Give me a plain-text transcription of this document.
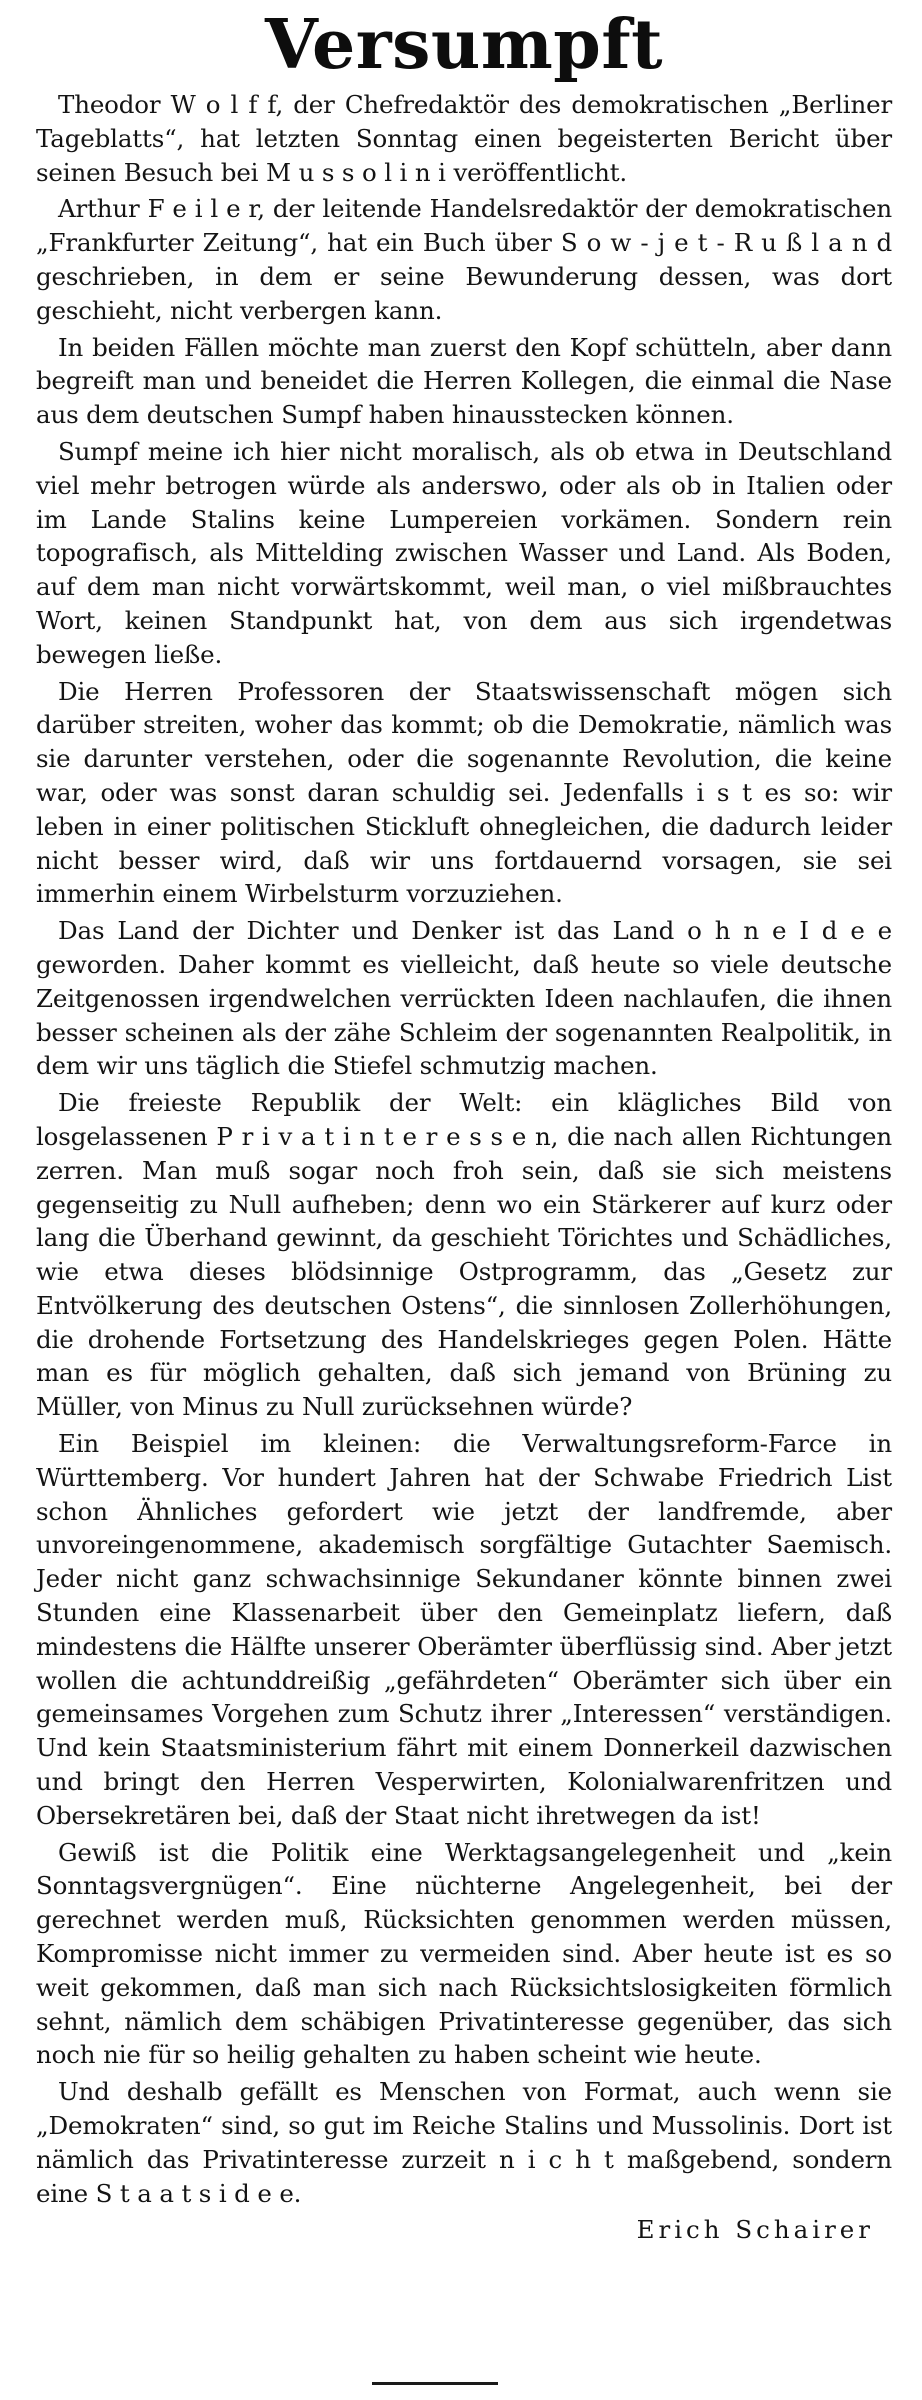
Versumpft

Theodor W o l f f, der Chefredaktör des demokratischen „Berliner Tageblatts“, hat letzten Sonntag einen begeisterten Bericht über seinen Besuch bei M u s s o l i n i veröffentlicht.

Arthur F e i l e r, der leitende Handelsredaktör der demokratischen „Frankfurter Zeitung“, hat ein Buch über S o w - j e t - R u ß l a n d geschrieben, in dem er seine Bewunderung dessen, was dort geschieht, nicht verbergen kann.

In beiden Fällen möchte man zuerst den Kopf schütteln, aber dann begreift man und beneidet die Herren Kollegen, die einmal die Nase aus dem deutschen Sumpf haben hinausstecken können.

Sumpf meine ich hier nicht moralisch, als ob etwa in Deutschland viel mehr betrogen würde als anderswo, oder als ob in Italien oder im Lande Stalins keine Lumpereien vorkämen. Sondern rein topografisch, als Mittelding zwischen Wasser und Land. Als Boden, auf dem man nicht vorwärtskommt, weil man, o viel mißbrauchtes Wort, keinen Standpunkt hat, von dem aus sich irgendetwas bewegen ließe.

Die Herren Professoren der Staatswissenschaft mögen sich darüber streiten, woher das kommt; ob die Demokratie, nämlich was sie darunter verstehen, oder die sogenannte Revolution, die keine war, oder was sonst daran schuldig sei. Jedenfalls i s t es so: wir leben in einer politischen Stickluft ohnegleichen, die dadurch leider nicht besser wird, daß wir uns fortdauernd vorsagen, sie sei immerhin einem Wirbelsturm vorzuziehen.

Das Land der Dichter und Denker ist das Land o h n e I d e e geworden. Daher kommt es vielleicht, daß heute so viele deutsche Zeitgenossen irgendwelchen verrückten Ideen nachlaufen, die ihnen besser scheinen als der zähe Schleim der sogenannten Realpolitik, in dem wir uns täglich die Stiefel schmutzig machen.

Die freieste Republik der Welt: ein klägliches Bild von losgelassenen P r i v a t i n t e r e s s e n, die nach allen Richtungen zerren. Man muß sogar noch froh sein, daß sie sich meistens gegenseitig zu Null aufheben; denn wo ein Stärkerer auf kurz oder lang die Überhand gewinnt, da geschieht Törichtes und Schädliches, wie etwa dieses blödsinnige Ostprogramm, das „Gesetz zur Entvölkerung des deutschen Ostens“, die sinnlosen Zollerhöhungen, die drohende Fortsetzung des Handelskrieges gegen Polen. Hätte man es für möglich gehalten, daß sich jemand von Brüning zu Müller, von Minus zu Null zurücksehnen würde?

Ein Beispiel im kleinen: die Verwaltungsreform-Farce in Württemberg. Vor hundert Jahren hat der Schwabe Friedrich List schon Ähnliches gefordert wie jetzt der landfremde, aber unvoreingenommene, akademisch sorgfältige Gutachter Saemisch. Jeder nicht ganz schwachsinnige Sekundaner könnte binnen zwei Stunden eine Klassenarbeit über den Gemeinplatz liefern, daß mindestens die Hälfte unserer Oberämter überflüssig sind. Aber jetzt wollen die achtunddreißig „gefährdeten“ Oberämter sich über ein gemeinsames Vorgehen zum Schutz ihrer „Interessen“ verständigen. Und kein Staatsministerium fährt mit einem Donnerkeil dazwischen und bringt den Herren Vesperwirten, Kolonialwarenfritzen und Obersekretären bei, daß der Staat nicht ihretwegen da ist!

Gewiß ist die Politik eine Werktagsangelegenheit und „kein Sonntagsvergnügen“. Eine nüchterne Angelegenheit, bei der gerechnet werden muß, Rücksichten genommen werden müssen, Kompromisse nicht immer zu vermeiden sind. Aber heute ist es so weit gekommen, daß man sich nach Rücksichtslosigkeiten förmlich sehnt, nämlich dem schäbigen Privatinteresse gegenüber, das sich noch nie für so heilig gehalten zu haben scheint wie heute.

Und deshalb gefällt es Menschen von Format, auch wenn sie „Demokraten“ sind, so gut im Reiche Stalins und Mussolinis. Dort ist nämlich das Privatinteresse zurzeit n i c h t maßgebend, sondern eine S t a a t s i d e e.

Erich Schairer
